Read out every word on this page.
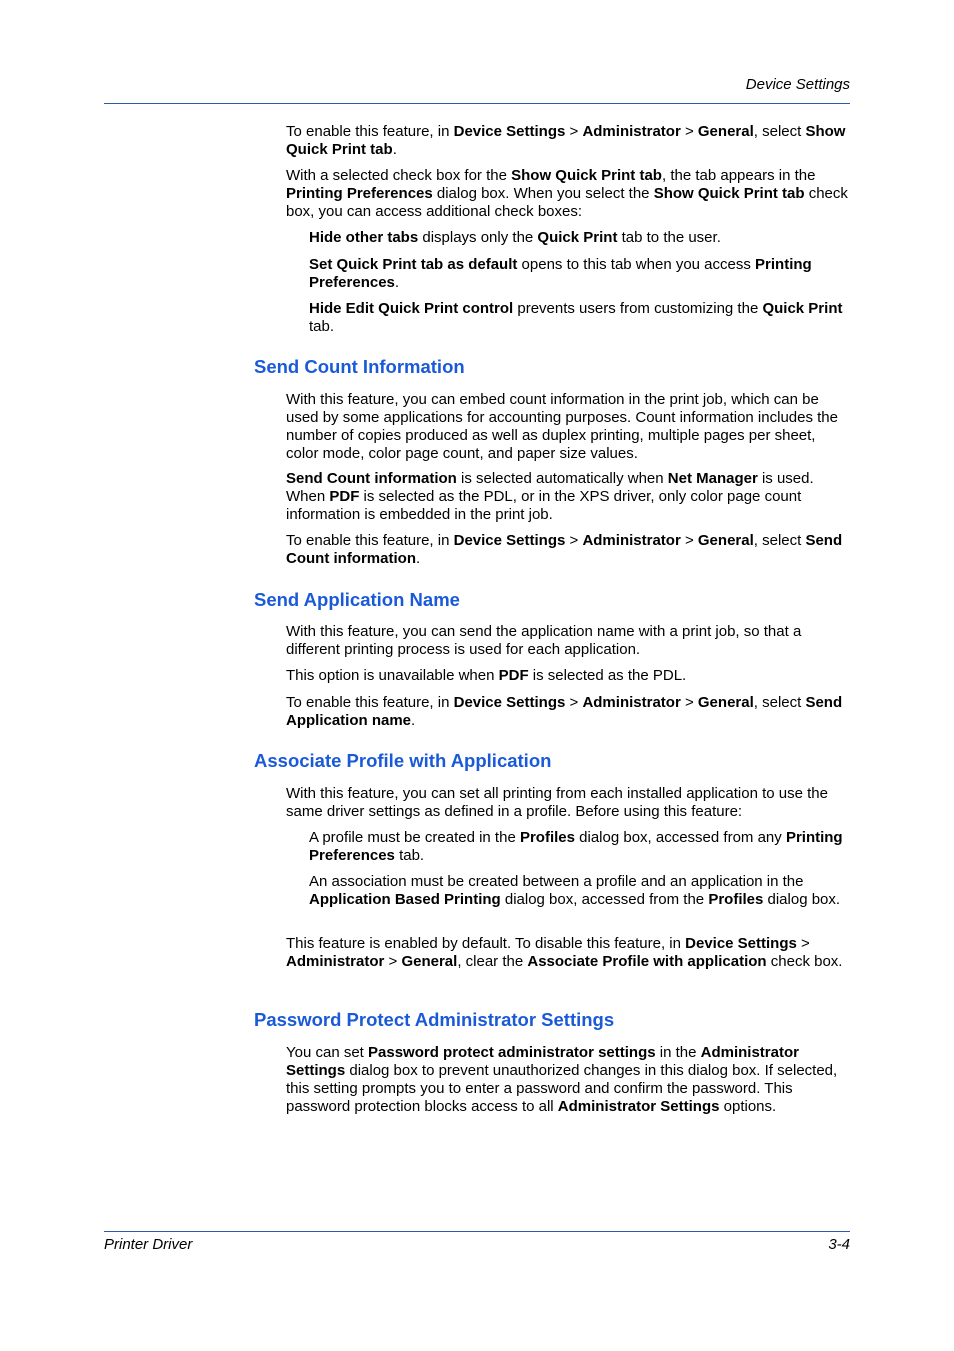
Device Settings
To enable this feature, in Device Settings > Administrator > General, select Show Quick Print tab.
With a selected check box for the Show Quick Print tab, the tab appears in the Printing Preferences dialog box. When you select the Show Quick Print tab check box, you can access additional check boxes:
Hide other tabs displays only the Quick Print tab to the user.
Set Quick Print tab as default opens to this tab when you access Printing Preferences.
Hide Edit Quick Print control prevents users from customizing the Quick Print tab.
Send Count Information
With this feature, you can embed count information in the print job, which can be used by some applications for accounting purposes. Count information includes the number of copies produced as well as duplex printing, multiple pages per sheet, color mode, color page count, and paper size values.
Send Count information is selected automatically when Net Manager is used. When PDF is selected as the PDL, or in the XPS driver, only color page count information is embedded in the print job.
To enable this feature, in Device Settings > Administrator > General, select Send Count information.
Send Application Name
With this feature, you can send the application name with a print job, so that a different printing process is used for each application.
This option is unavailable when PDF is selected as the PDL.
To enable this feature, in Device Settings > Administrator > General, select Send Application name.
Associate Profile with Application
With this feature, you can set all printing from each installed application to use the same driver settings as defined in a profile. Before using this feature:
A profile must be created in the Profiles dialog box, accessed from any Printing Preferences tab.
An association must be created between a profile and an application in the Application Based Printing dialog box, accessed from the Profiles dialog box.
This feature is enabled by default. To disable this feature, in Device Settings > Administrator > General, clear the Associate Profile with application check box.
Password Protect Administrator Settings
You can set Password protect administrator settings in the Administrator Settings dialog box to prevent unauthorized changes in this dialog box. If selected, this setting prompts you to enter a password and confirm the password. This password protection blocks access to all Administrator Settings options.
Printer Driver	3-4
